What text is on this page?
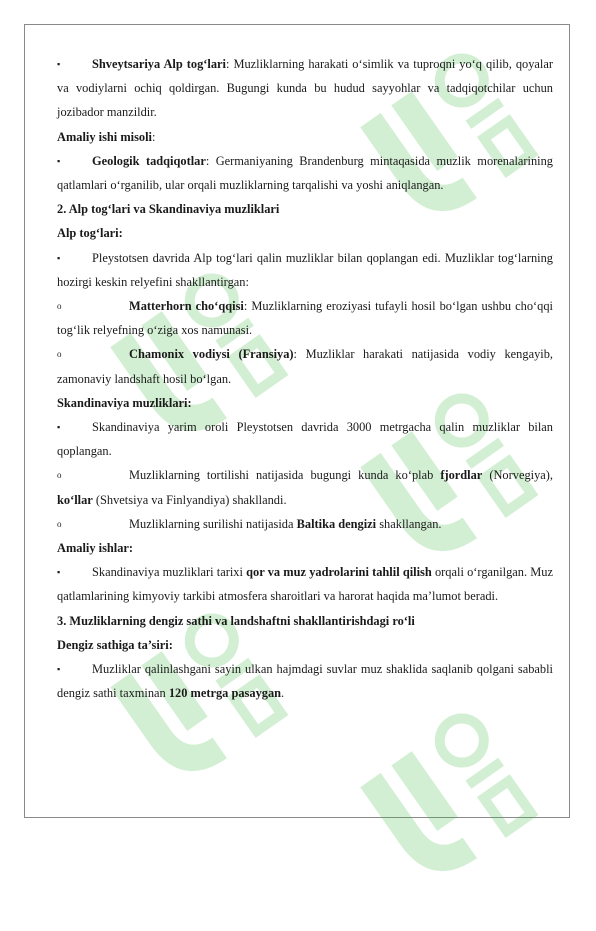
▪	Shveytsariya Alp tog‘lari: Muzliklarning harakati o‘simlik va tuproqni yo‘q qilib, qoyalar va vodiylarni ochiq qoldirgan. Bugungi kunda bu hudud sayyohlar va tadqiqotchilar uchun jozibador manzildir.

Amaliy ishi misoli:

▪	Geologik tadqiqotlar: Germaniyaning Brandenburg mintaqasida muzlik morenalarining qatlamlari o‘rganilib, ular orqali muzliklarning tarqalishi va yoshi aniqlangan.

2. Alp tog‘lari va Skandinaviya muzliklari

Alp tog‘lari:

▪	Pleystotsen davrida Alp tog‘lari qalin muzliklar bilan qoplangan edi. Muzliklar tog‘larning hozirgi keskin relyefini shakllantirgan:

o	Matterhorn cho‘qqisi: Muzliklarning eroziyasi tufayli hosil bo‘lgan ushbu cho‘qqi tog‘lik relyefning o‘ziga xos namunasi.

o	Chamonix vodiysi (Fransiya): Muzliklar harakati natijasida vodiy kengayib, zamonaviy landshaft hosil bo‘lgan.

Skandinaviya muzliklari:

▪	Skandinaviya yarim oroli Pleystotsen davrida 3000 metrgacha qalin muzliklar bilan qoplangan.

o	Muzliklarning tortilishi natijasida bugungi kunda ko‘plab fjordlar (Norvegiya), ko‘llar (Shvetsiya va Finlyandiya) shakllandi.

o	Muzliklarning surilishi natijasida Baltika dengizi shakllangan.

Amaliy ishlar:

▪	Skandinaviya muzliklari tarixi qor va muz yadrolarini tahlil qilish orqali o‘rganilgan. Muz qatlamlarining kimyoviy tarkibi atmosfera sharoitlari va harorat haqida ma’lumot beradi.

3. Muzliklarning dengiz sathi va landshaftni shakllantirishdagi ro‘li

Dengiz sathiga ta’siri:

▪	Muzliklar qalinlashgani sayin ulkan hajmdagi suvlar muz shaklida saqlanib qolgani sababli dengiz sathi taxminan 120 metrga pasaygan.
